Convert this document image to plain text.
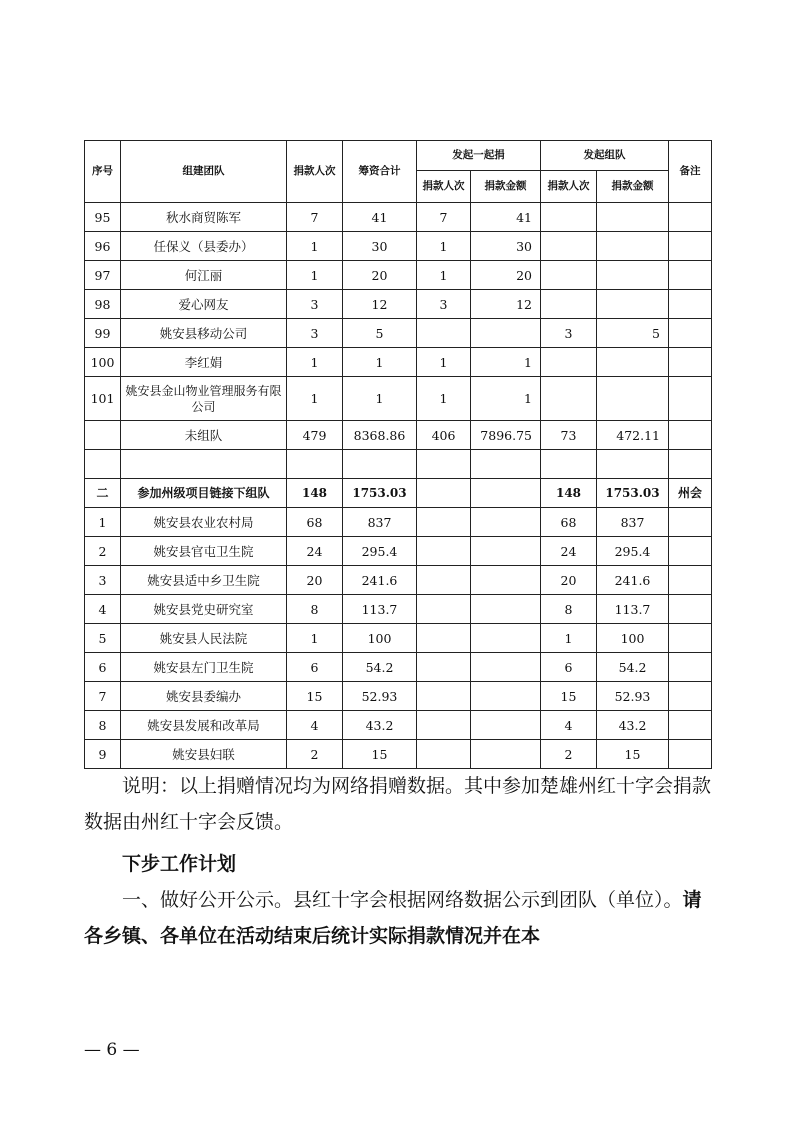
序号	组建团队	捐款人次	筹资合计	发起一起捐		发起组队		备注
				捐款人次	捐款金额	捐款人次	捐款金额	
95	秋水商贸陈军	7	41	7	41			
96	任保义（县委办）	1	30	1	30			
97	何江丽	1	20	1	20			
98	爱心网友	3	12	3	12			
99	姚安县移动公司	3	5			3	5	
100	李红娟	1	1	1	1			
101	姚安县金山物业管理服务有限公司	1	1	1	1			
	未组队	479	8368.86	406	7896.75	73	472.11	

二	参加州级项目链接下组队	148	1753.03			148	1753.03	州会
1	姚安县农业农村局	68	837			68	837	
2	姚安县官屯卫生院	24	295.4			24	295.4	
3	姚安县适中乡卫生院	20	241.6			20	241.6	
4	姚安县党史研究室	8	113.7			8	113.7	
5	姚安县人民法院	1	100			1	100	
6	姚安县左门卫生院	6	54.2			6	54.2	
7	姚安县委编办	15	52.93			15	52.93	
8	姚安县发展和改革局	4	43.2			4	43.2	
9	姚安县妇联	2	15			2	15	

说明：以上捐赠情况均为网络捐赠数据。其中参加楚雄州红十字会捐款数据由州红十字会反馈。

下步工作计划

一、做好公开公示。县红十字会根据网络数据公示到团队（单位）。请各乡镇、各单位在活动结束后统计实际捐款情况并在本

— 6 —
